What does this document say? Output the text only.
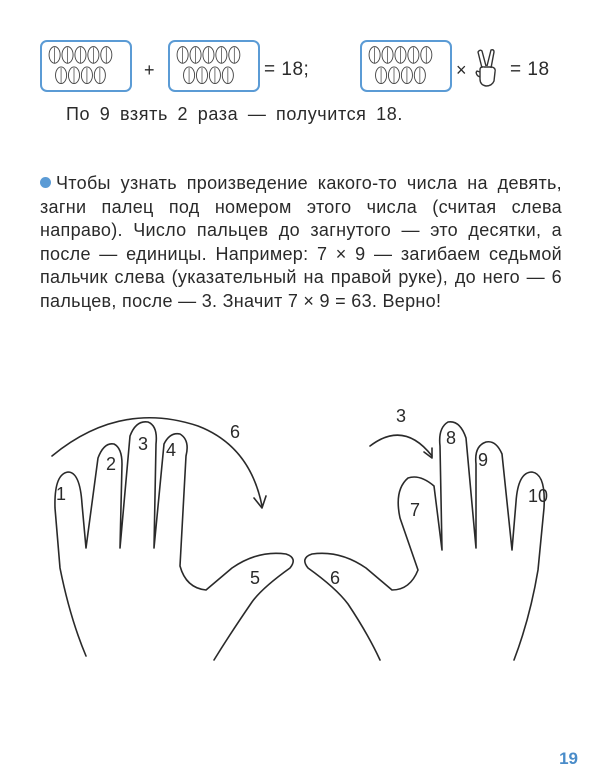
+	= 18;	× = 18
По 9 взять 2 раза — получится 18.
Чтобы узнать произведение какого-то числа на девять, загни палец под номером этого числа (считая слева направо). Число пальцев до загнутого — это десятки, а после — единицы. Например: 7 × 9 — загибаем седьмой пальчик слева (указательный на правой руке), до него — 6 пальцев, после — 3. Значит 7 × 9 = 63. Верно!
1
2
3 4
5	6
7
8
9
10
6
3
19
